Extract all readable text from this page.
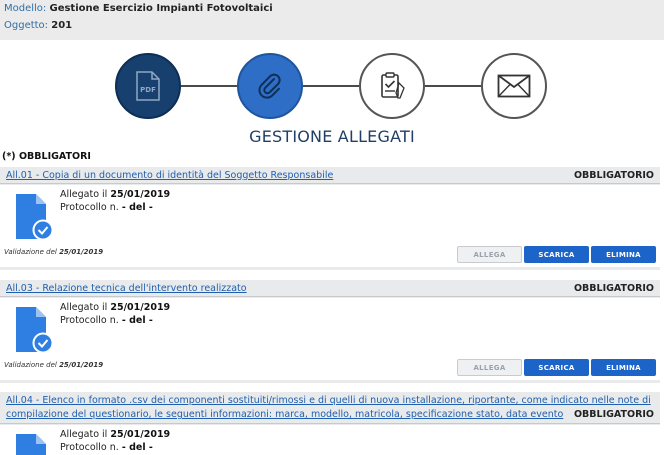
Modello: Gestione Esercizio Impianti Fotovoltaici
Oggetto: 201
PDF
GESTIONE ALLEGATI
(*) OBBLIGATORI
All.01 - Copia di un documento di identità del Soggetto Responsabile	OBBLIGATORIO
Allegato il 25/01/2019
Protocollo n. - del -
Validazione del 25/01/2019	ALLEGA	SCARICA	ELIMINA
All.03 - Relazione tecnica dell'intervento realizzato	OBBLIGATORIO
Allegato il 25/01/2019
Protocollo n. - del -
Validazione del 25/01/2019	ALLEGA	SCARICA	ELIMINA
All.04 - Elenco in formato .csv dei componenti sostituiti/rimossi e di quelli di nuova installazione, riportante, come indicato nelle note di compilazione del questionario, le seguenti informazioni: marca, modello, matricola, specificazione stato, data evento	OBBLIGATORIO
Allegato il 25/01/2019
Protocollo n. - del -
